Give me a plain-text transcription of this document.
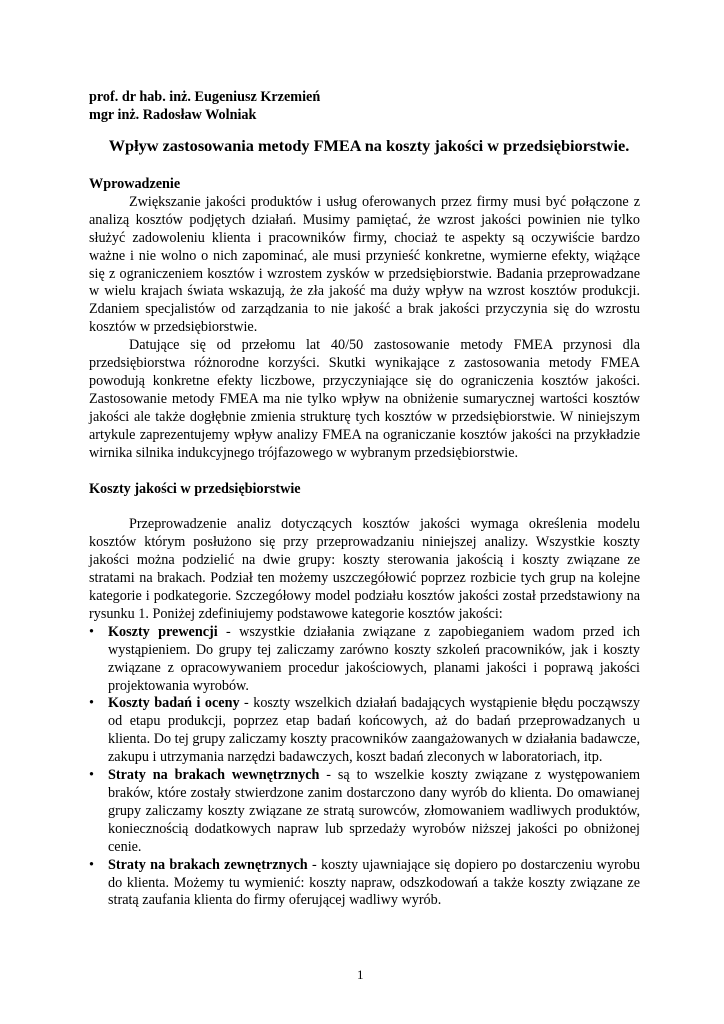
prof. dr hab. inż. Eugeniusz Krzemień
mgr inż. Radosław Wolniak
Wpływ zastosowania metody FMEA na koszty jakości w przedsiębiorstwie.
Wprowadzenie

Zwiększanie jakości produktów i usług oferowanych przez firmy musi być połączone z analizą kosztów podjętych działań. Musimy pamiętać, że wzrost jakości powinien nie tylko służyć zadowoleniu klienta i pracowników firmy, chociaż te aspekty są oczywiście bardzo ważne i nie wolno o nich zapominać, ale musi przynieść konkretne, wymierne efekty, wiążące się z ograniczeniem kosztów i wzrostem zysków w przedsiębiorstwie. Badania przeprowadzane w wielu krajach świata wskazują, że zła jakość ma duży wpływ na wzrost kosztów produkcji. Zdaniem specjalistów od zarządzania to nie jakość a brak jakości przyczynia się do wzrostu kosztów w przedsiębiorstwie.

Datujące się od przełomu lat 40/50 zastosowanie metody FMEA przynosi dla przedsiębiorstwa różnorodne korzyści. Skutki wynikające z zastosowania metody FMEA powodują konkretne efekty liczbowe, przyczyniające się do ograniczenia kosztów jakości. Zastosowanie metody FMEA ma nie tylko wpływ na obniżenie sumarycznej wartości kosztów jakości ale także dogłębnie zmienia strukturę tych kosztów w przedsiębiorstwie. W niniejszym artykule zaprezentujemy wpływ analizy FMEA na ograniczanie kosztów jakości na przykładzie wirnika silnika indukcyjnego trójfazowego w wybranym przedsiębiorstwie.

Koszty jakości w przedsiębiorstwie

Przeprowadzenie analiz dotyczących kosztów jakości wymaga określenia modelu kosztów którym posłużono się przy przeprowadzaniu niniejszej analizy. Wszystkie koszty jakości można podzielić na dwie grupy: koszty sterowania jakością i koszty związane ze stratami na brakach. Podział ten możemy uszczegółowić poprzez rozbicie tych grup na kolejne kategorie i podkategorie. Szczegółowy model podziału kosztów jakości został przedstawiony na rysunku 1. Poniżej zdefiniujemy podstawowe kategorie kosztów jakości:

• Koszty prewencji - wszystkie działania związane z zapobieganiem wadom przed ich wystąpieniem. Do grupy tej zaliczamy zarówno koszty szkoleń pracowników, jak i koszty związane z opracowywaniem procedur jakościowych, planami jakości i poprawą jakości projektowania wyrobów.
• Koszty badań i oceny - koszty wszelkich działań badających wystąpienie błędu począwszy od etapu produkcji, poprzez etap badań końcowych, aż do badań przeprowadzanych u klienta. Do tej grupy zaliczamy koszty pracowników zaangażowanych w działania badawcze, zakupu i utrzymania narzędzi badawczych, koszt badań zleconych w laboratoriach, itp.
• Straty na brakach wewnętrznych - są to wszelkie koszty związane z występowaniem braków, które zostały stwierdzone zanim dostarczono dany wyrób do klienta. Do omawianej grupy zaliczamy koszty związane ze stratą surowców, złomowaniem wadliwych produktów, koniecznością dodatkowych napraw lub sprzedaży wyrobów niższej jakości po obniżonej cenie.
• Straty na brakach zewnętrznych - koszty ujawniające się dopiero po dostarczeniu wyrobu do klienta. Możemy tu wymienić: koszty napraw, odszkodowań a także koszty związane ze stratą zaufania klienta do firmy oferującej wadliwy wyrób.
1
